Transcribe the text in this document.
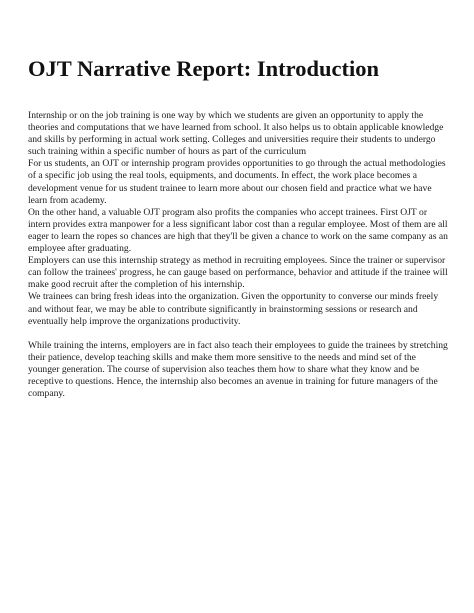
OJT Narrative Report: Introduction

Internship or on the job training is one way by which we students are given an opportunity to apply the theories and computations that we have learned from school. It also helps us to obtain applicable knowledge and skills by performing in actual work setting. Colleges and universities require their students to undergo such training within a specific number of hours as part of the curriculum

For us students, an OJT or internship program provides opportunities to go through the actual methodologies of a specific job using the real tools, equipments, and documents. In effect, the work place becomes a development venue for us student trainee to learn more about our chosen field and practice what we have learn from academy.

On the other hand, a valuable OJT program also profits the companies who accept trainees. First OJT or intern provides extra manpower for a less significant labor cost than a regular employee. Most of them are all eager to learn the ropes so chances are high that they'll be given a chance to work on the same company as an employee after graduating.

Employers can use this internship strategy as method in recruiting employees. Since the trainer or supervisor can follow the trainees' progress, he can gauge based on performance, behavior and attitude if the trainee will make good recruit after the completion of his internship.

We trainees can bring fresh ideas into the organization. Given the opportunity to converse our minds freely and without fear, we may be able to contribute significantly in brainstorming sessions or research and eventually help improve the organizations productivity.

While training the interns, employers are in fact also teach their employees to guide the trainees by stretching their patience, develop teaching skills and make them more sensitive to the needs and mind set of the younger generation. The course of supervision also teaches them how to share what they know and be receptive to questions. Hence, the internship also becomes an avenue in training for future managers of the company.
